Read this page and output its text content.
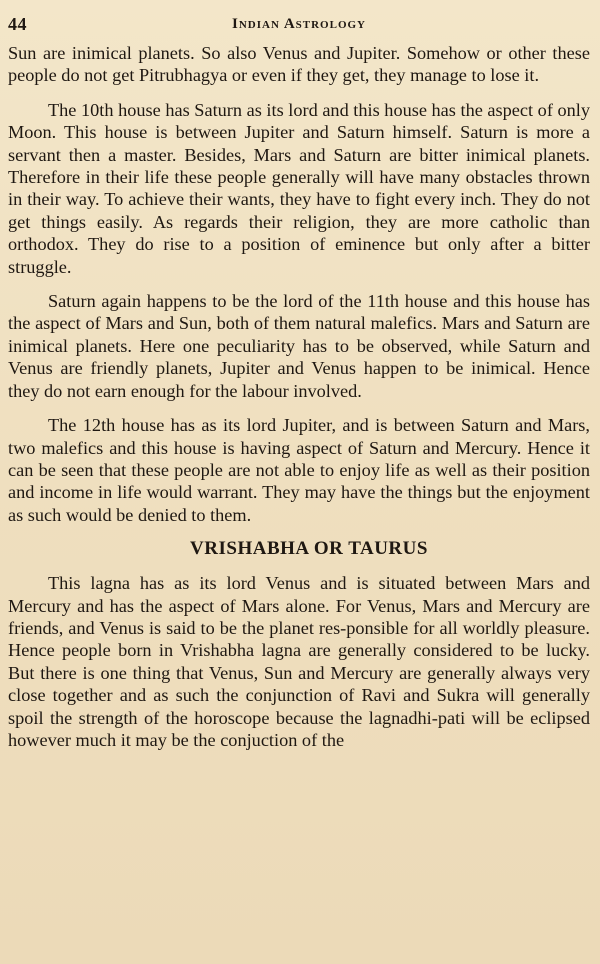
44	Indian Astrology

Sun are inimical planets. So also Venus and Jupiter. Somehow or other these people do not get Pitrubhagya or even if they get, they manage to lose it.

The 10th house has Saturn as its lord and this house has the aspect of only Moon. This house is between Jupiter and Saturn himself. Saturn is more a servant then a master. Besides, Mars and Saturn are bitter inimical planets. Therefore in their life these people generally will have many obstacles thrown in their way. To achieve their wants, they have to fight every inch. They do not get things easily. As regards their religion, they are more catholic than orthodox. They do rise to a position of eminence but only after a bitter struggle.

Saturn again happens to be the lord of the 11th house and this house has the aspect of Mars and Sun, both of them natural malefics. Mars and Saturn are inimical planets. Here one peculiarity has to be observed, while Saturn and Venus are friendly planets, Jupiter and Venus happen to be inimical. Hence they do not earn enough for the labour involved.

The 12th house has as its lord Jupiter, and is between Saturn and Mars, two malefics and this house is having aspect of Saturn and Mercury. Hence it can be seen that these people are not able to enjoy life as well as their position and income in life would warrant. They may have the things but the enjoyment as such would be denied to them.

VRISHABHA OR TAURUS

This lagna has as its lord Venus and is situated between Mars and Mercury and has the aspect of Mars alone. For Venus, Mars and Mercury are friends, and Venus is said to be the planet res-ponsible for all worldly pleasure. Hence people born in Vrishabha lagna are generally considered to be lucky. But there is one thing that Venus, Sun and Mercury are generally always very close together and as such the conjunction of Ravi and Sukra will generally spoil the strength of the horoscope because the lagnadhi-pati will be eclipsed however much it may be the conjuction of the
